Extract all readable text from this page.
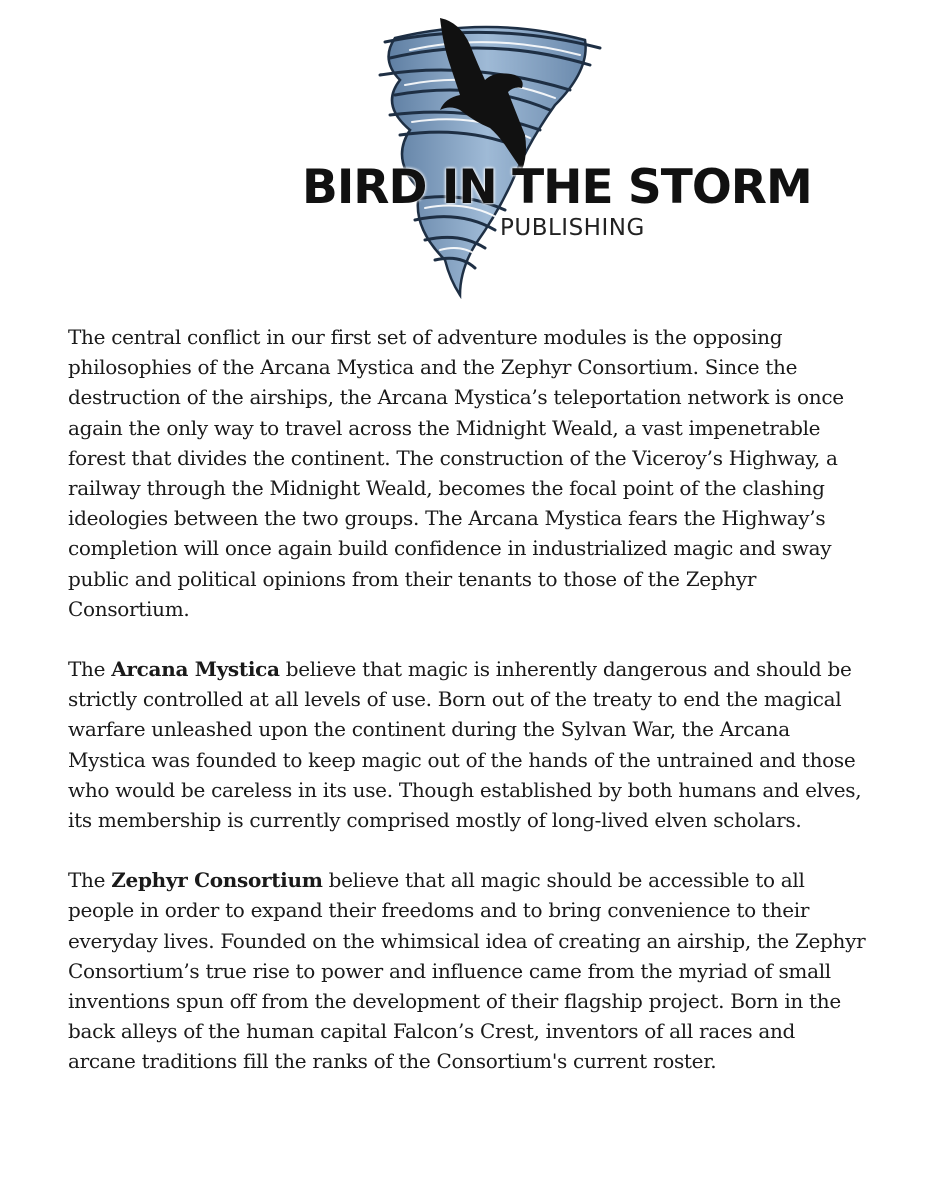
BIRD IN THE STORM
PUBLISHING

The central conflict in our first set of adventure modules is the opposing philosophies of the Arcana Mystica and the Zephyr Consortium. Since the destruction of the airships, the Arcana Mystica’s teleportation network is once again the only way to travel across the Midnight Weald, a vast impenetrable forest that divides the continent. The construction of the Viceroy’s Highway, a railway through the Midnight Weald, becomes the focal point of the clashing ideologies between the two groups. The Arcana Mystica fears the Highway’s completion will once again build confidence in industrialized magic and sway public and political opinions from their tenants to those of the Zephyr Consortium.

The Arcana Mystica believe that magic is inherently dangerous and should be strictly controlled at all levels of use. Born out of the treaty to end the magical warfare unleashed upon the continent during the Sylvan War, the Arcana Mystica was founded to keep magic out of the hands of the untrained and those who would be careless in its use. Though established by both humans and elves, its membership is currently comprised mostly of long-lived elven scholars.

The Zephyr Consortium believe that all magic should be accessible to all people in order to expand their freedoms and to bring convenience to their everyday lives. Founded on the whimsical idea of creating an airship, the Zephyr Consortium’s true rise to power and influence came from the myriad of small inventions spun off from the development of their flagship project. Born in the back alleys of the human capital Falcon’s Crest, inventors of all races and arcane traditions fill the ranks of the Consortium's current roster.
